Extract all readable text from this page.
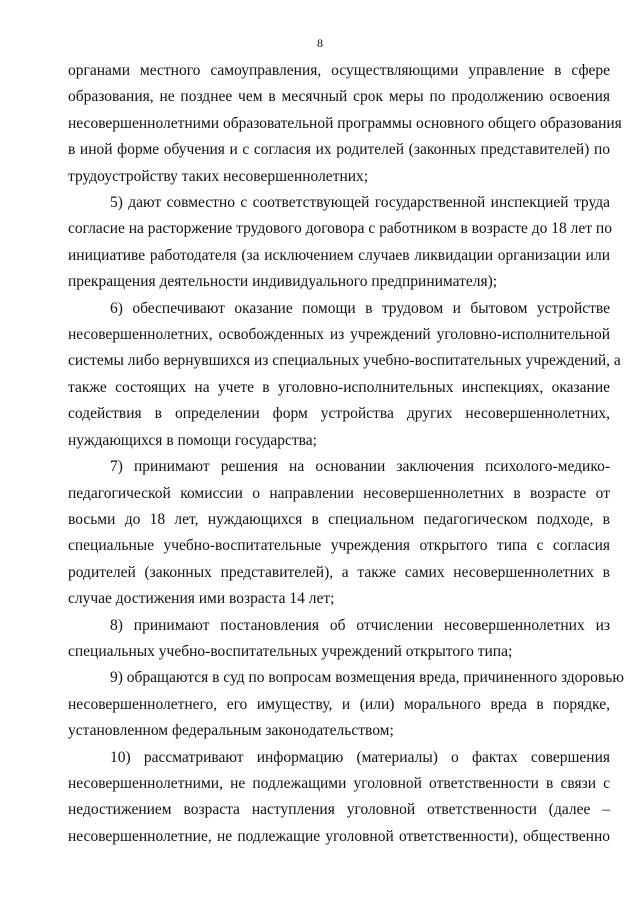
8
органами местного самоуправления, осуществляющими управление в сфере
образования, не позднее чем в месячный срок меры по продолжению освоения
несовершеннолетними образовательной программы основного общего образования
в иной форме обучения и с согласия их родителей (законных представителей) по
трудоустройству таких несовершеннолетних;
5) дают совместно с соответствующей государственной инспекцией труда
согласие на расторжение трудового договора с работником в возрасте до 18 лет по
инициативе работодателя (за исключением случаев ликвидации организации или
прекращения деятельности индивидуального предпринимателя);
6) обеспечивают оказание помощи в трудовом и бытовом устройстве
несовершеннолетних, освобожденных из учреждений уголовно-исполнительной
системы либо вернувшихся из специальных учебно-воспитательных учреждений, а
также состоящих на учете в уголовно-исполнительных инспекциях, оказание
содействия в определении форм устройства других несовершеннолетних,
нуждающихся в помощи государства;
7) принимают решения на основании заключения психолого-медико-
педагогической комиссии о направлении несовершеннолетних в возрасте от
восьми до 18 лет, нуждающихся в специальном педагогическом подходе, в
специальные учебно-воспитательные учреждения открытого типа с согласия
родителей (законных представителей), а также самих несовершеннолетних в
случае достижения ими возраста 14 лет;
8) принимают постановления об отчислении несовершеннолетних из
специальных учебно-воспитательных учреждений открытого типа;
9) обращаются в суд по вопросам возмещения вреда, причиненного здоровью
несовершеннолетнего, его имуществу, и (или) морального вреда в порядке,
установленном федеральным законодательством;
10) рассматривают информацию (материалы) о фактах совершения
несовершеннолетними, не подлежащими уголовной ответственности в связи с
недостижением возраста наступления уголовной ответственности (далее –
несовершеннолетние, не подлежащие уголовной ответственности), общественно
